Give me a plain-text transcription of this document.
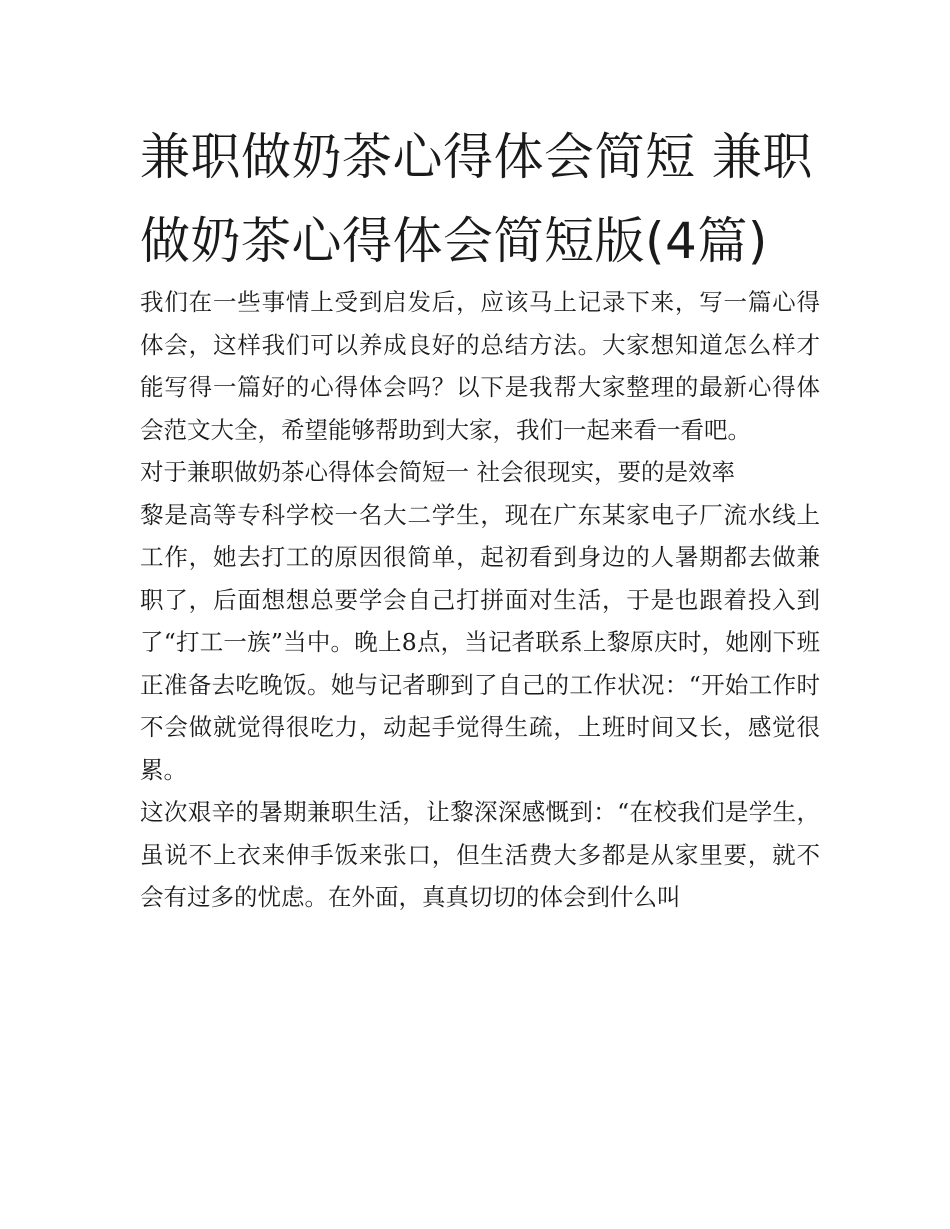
兼职做奶茶心得体会简短 兼职做奶茶心得体会简短版(4篇)

我们在一些事情上受到启发后，应该马上记录下来，写一篇心得体会，这样我们可以养成良好的总结方法。大家想知道怎么样才能写得一篇好的心得体会吗？以下是我帮大家整理的最新心得体会范文大全，希望能够帮助到大家，我们一起来看一看吧。

对于兼职做奶茶心得体会简短一 社会很现实，要的是效率

黎是高等专科学校一名大二学生，现在广东某家电子厂流水线上工作，她去打工的原因很简单，起初看到身边的人暑期都去做兼职了，后面想想总要学会自己打拼面对生活，于是也跟着投入到了“打工一族”当中。晚上8点，当记者联系上黎原庆时，她刚下班正准备去吃晚饭。她与记者聊到了自己的工作状况：“开始工作时不会做就觉得很吃力，动起手觉得生疏，上班时间又长，感觉很累。

这次艰辛的暑期兼职生活，让黎深深感慨到：“在校我们是学生，虽说不上衣来伸手饭来张口，但生活费大多都是从家里要，就不会有过多的忧虑。在外面，真真切切的体会到什么叫
